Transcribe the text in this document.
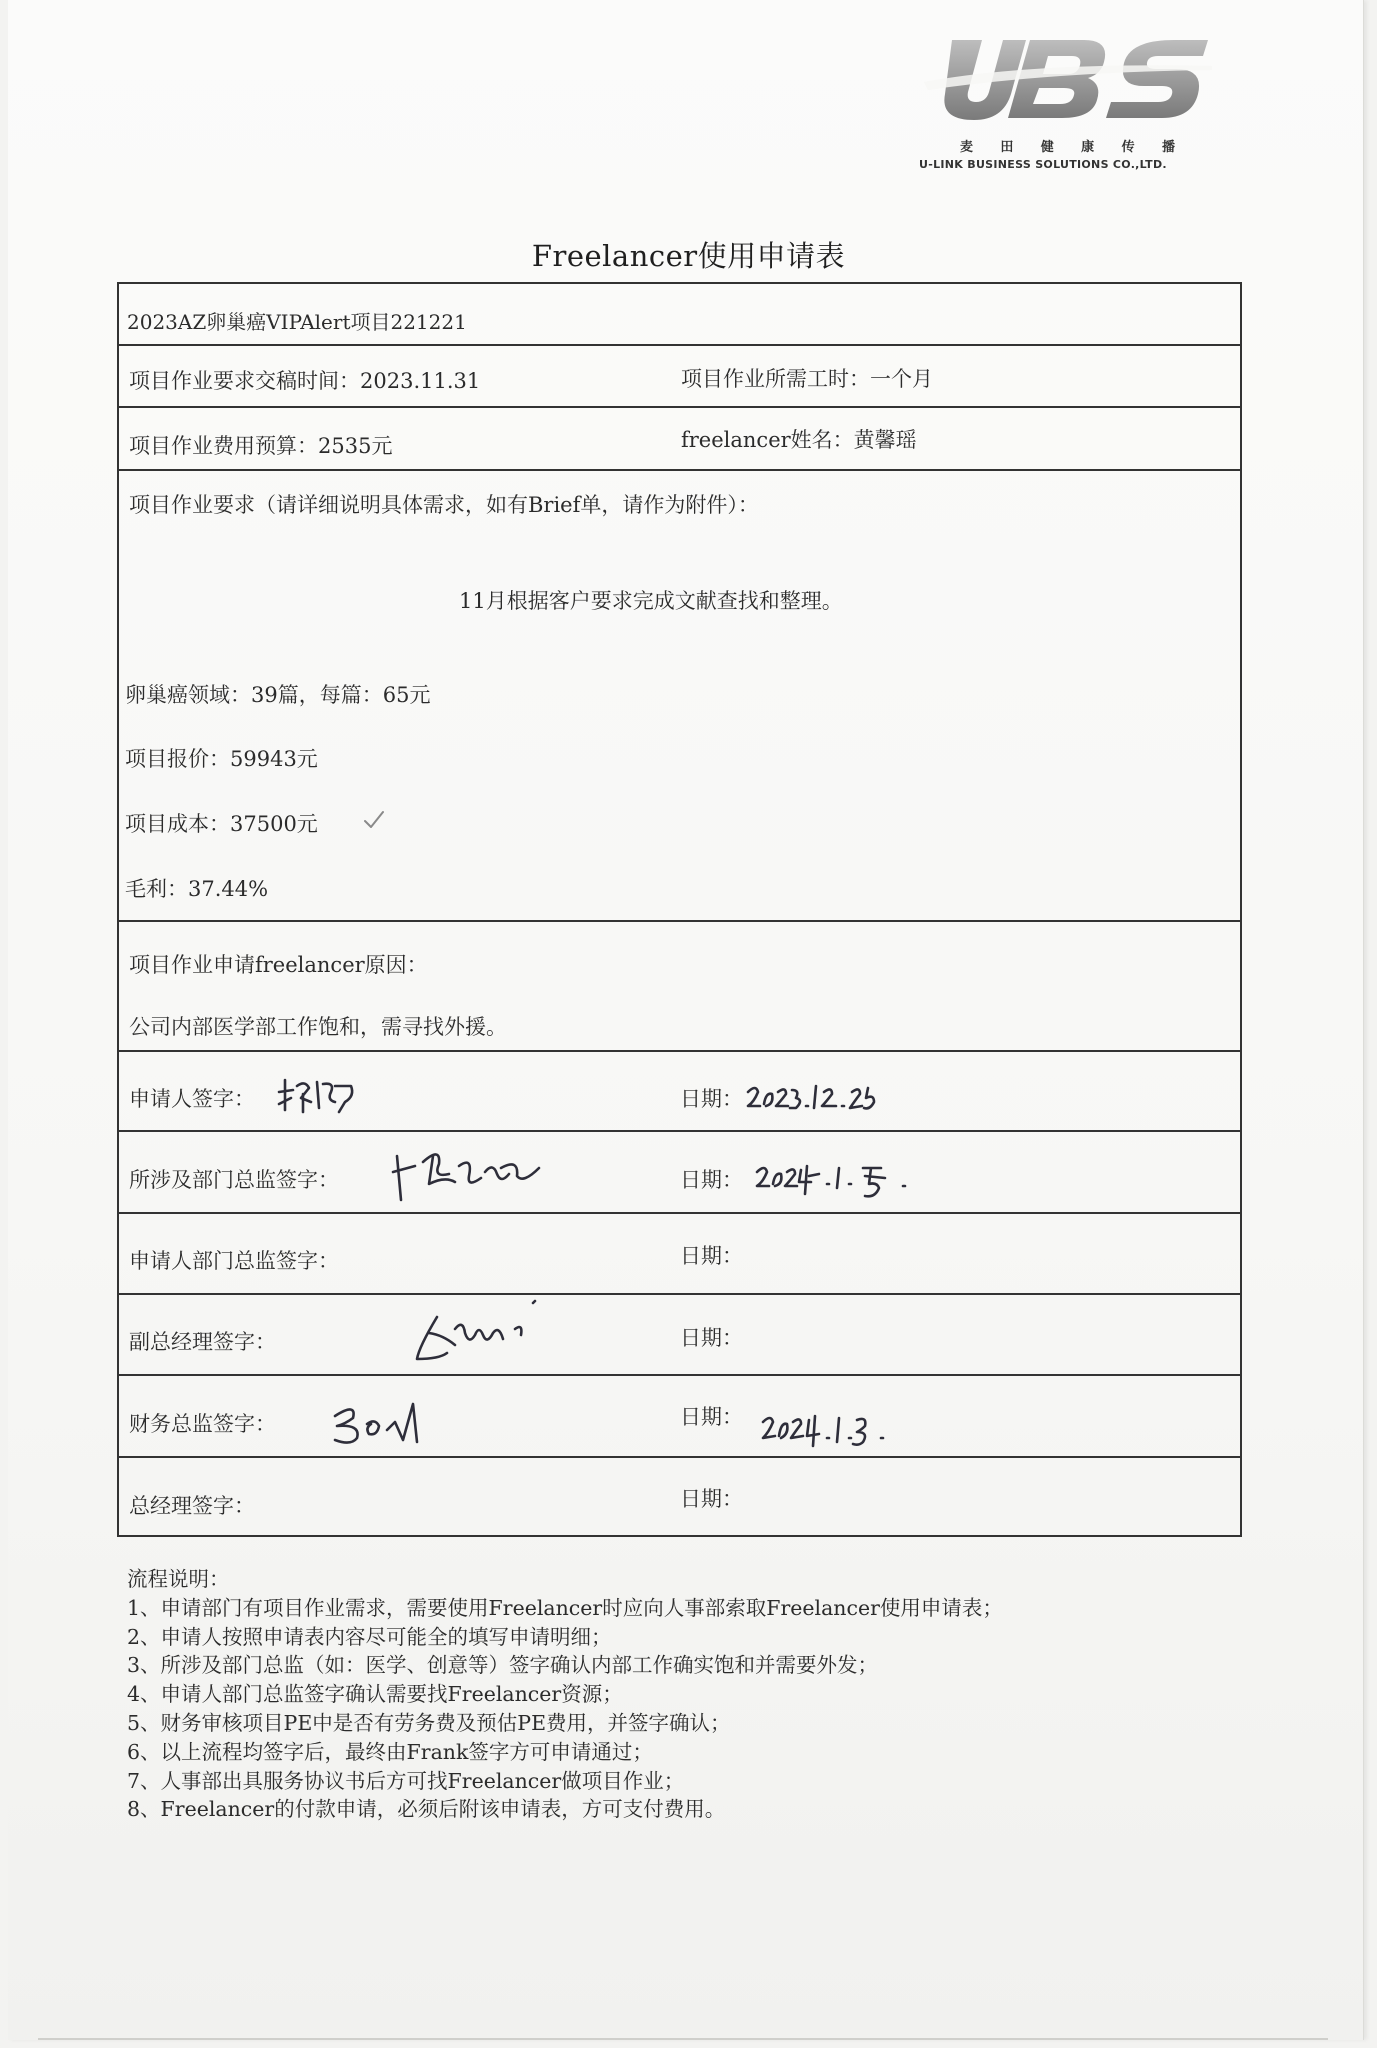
麦 田 健 康 传 播
U-LINK BUSINESS SOLUTIONS CO.,LTD.
Freelancer使用申请表
2023AZ卵巢癌VIPAlert项目221221
项目作业要求交稿时间：2023.11.31	项目作业所需工时：一个月
项目作业费用预算：2535元	freelancer姓名：黄馨瑶
项目作业要求（请详细说明具体需求，如有Brief单，请作为附件）：
11月根据客户要求完成文献查找和整理。
卵巢癌领域：39篇，每篇：65元
项目报价：59943元
项目成本：37500元
毛利：37.44%
项目作业申请freelancer原因：
公司内部医学部工作饱和，需寻找外援。
申请人签字：	日期：
所涉及部门总监签字：	日期：
申请人部门总监签字：	日期：
副总经理签字：	日期：
财务总监签字：	日期：
总经理签字：	日期：
流程说明：
1、申请部门有项目作业需求，需要使用Freelancer时应向人事部索取Freelancer使用申请表；
2、申请人按照申请表内容尽可能全的填写申请明细；
3、所涉及部门总监（如：医学、创意等）签字确认内部工作确实饱和并需要外发；
4、申请人部门总监签字确认需要找Freelancer资源；
5、财务审核项目PE中是否有劳务费及预估PE费用，并签字确认；
6、以上流程均签字后，最终由Frank签字方可申请通过；
7、人事部出具服务协议书后方可找Freelancer做项目作业；
8、Freelancer的付款申请，必须后附该申请表，方可支付费用。
